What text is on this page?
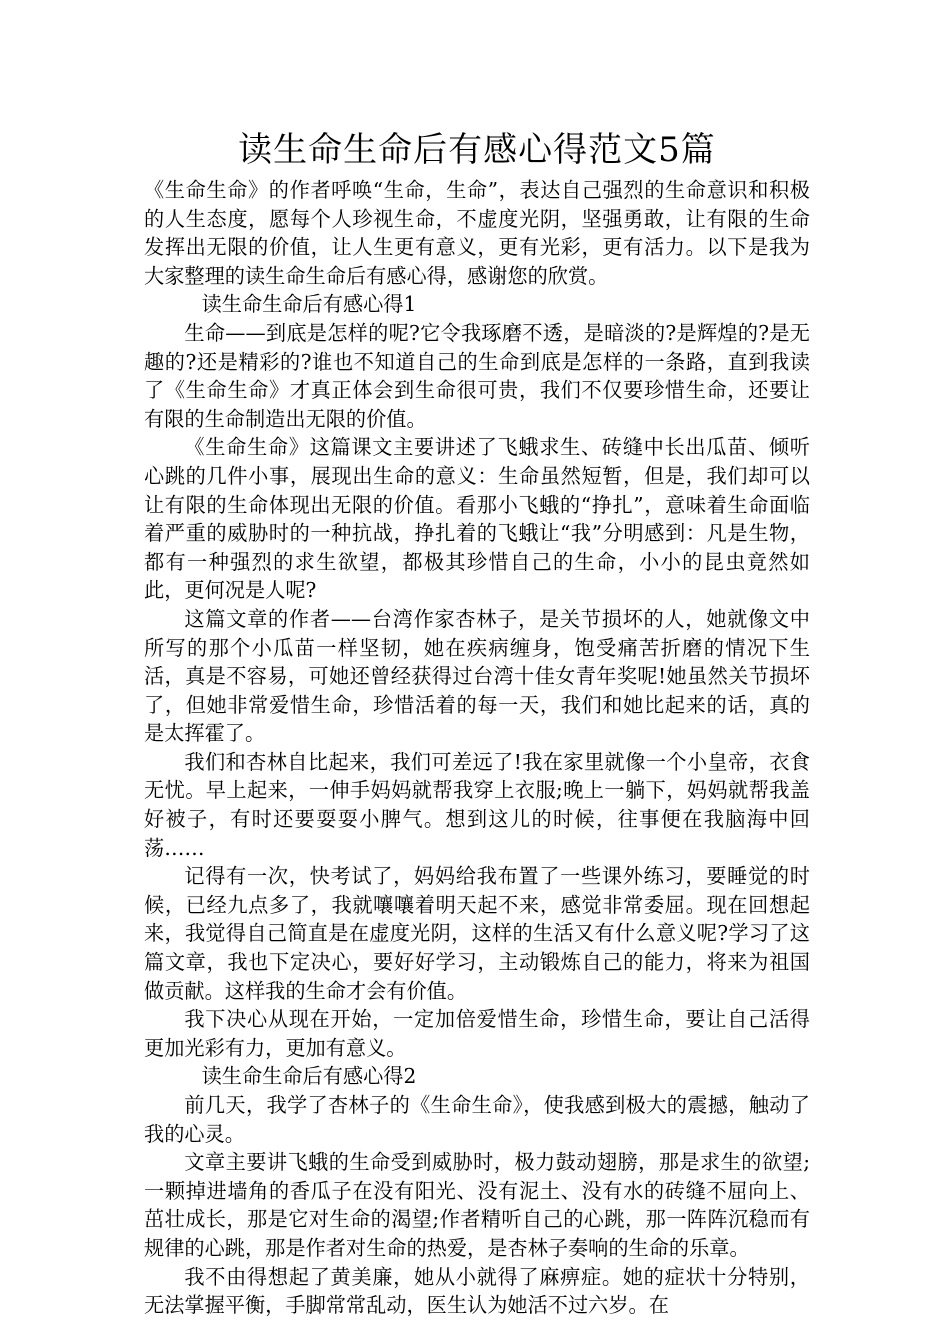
读生命生命后有感心得范文5篇

《生命生命》的作者呼唤“生命，生命”，表达自己强烈的生命意识和积极的人生态度，愿每个人珍视生命，不虚度光阴，坚强勇敢，让有限的生命发挥出无限的价值，让人生更有意义，更有光彩，更有活力。以下是我为大家整理的读生命生命后有感心得，感谢您的欣赏。

读生命生命后有感心得1

生命——到底是怎样的呢?它令我琢磨不透，是暗淡的?是辉煌的?是无趣的?还是精彩的?谁也不知道自己的生命到底是怎样的一条路，直到我读了《生命生命》才真正体会到生命很可贵，我们不仅要珍惜生命，还要让有限的生命制造出无限的价值。

《生命生命》这篇课文主要讲述了飞蛾求生、砖缝中长出瓜苗、倾听心跳的几件小事，展现出生命的意义：生命虽然短暂，但是，我们却可以让有限的生命体现出无限的价值。看那小飞蛾的“挣扎”，意味着生命面临着严重的威胁时的一种抗战，挣扎着的飞蛾让“我”分明感到：凡是生物，都有一种强烈的求生欲望，都极其珍惜自己的生命，小小的昆虫竟然如此，更何况是人呢?

这篇文章的作者——台湾作家杏林子，是关节损坏的人，她就像文中所写的那个小瓜苗一样坚韧，她在疾病缠身，饱受痛苦折磨的情况下生活，真是不容易，可她还曾经获得过台湾十佳女青年奖呢!她虽然关节损坏了，但她非常爱惜生命，珍惜活着的每一天，我们和她比起来的话，真的是太挥霍了。

我们和杏林自比起来，我们可差远了!我在家里就像一个小皇帝，衣食无忧。早上起来，一伸手妈妈就帮我穿上衣服;晚上一躺下，妈妈就帮我盖好被子，有时还要耍耍小脾气。想到这儿的时候，往事便在我脑海中回荡……

记得有一次，快考试了，妈妈给我布置了一些课外练习，要睡觉的时候，已经九点多了，我就嚷嚷着明天起不来，感觉非常委屈。现在回想起来，我觉得自己简直是在虚度光阴，这样的生活又有什么意义呢?学习了这篇文章，我也下定决心，要好好学习，主动锻炼自己的能力，将来为祖国做贡献。这样我的生命才会有价值。

我下决心从现在开始，一定加倍爱惜生命，珍惜生命，要让自己活得更加光彩有力，更加有意义。

读生命生命后有感心得2

前几天，我学了杏林子的《生命生命》，使我感到极大的震撼，触动了我的心灵。

文章主要讲飞蛾的生命受到威胁时，极力鼓动翅膀，那是求生的欲望;一颗掉进墙角的香瓜子在没有阳光、没有泥土、没有水的砖缝不屈向上、茁壮成长，那是它对生命的渴望;作者精听自己的心跳，那一阵阵沉稳而有规律的心跳，那是作者对生命的热爱，是杏林子奏响的生命的乐章。

我不由得想起了黄美廉，她从小就得了麻痹症。她的症状十分特别，无法掌握平衡，手脚常常乱动，医生认为她活不过六岁。在
